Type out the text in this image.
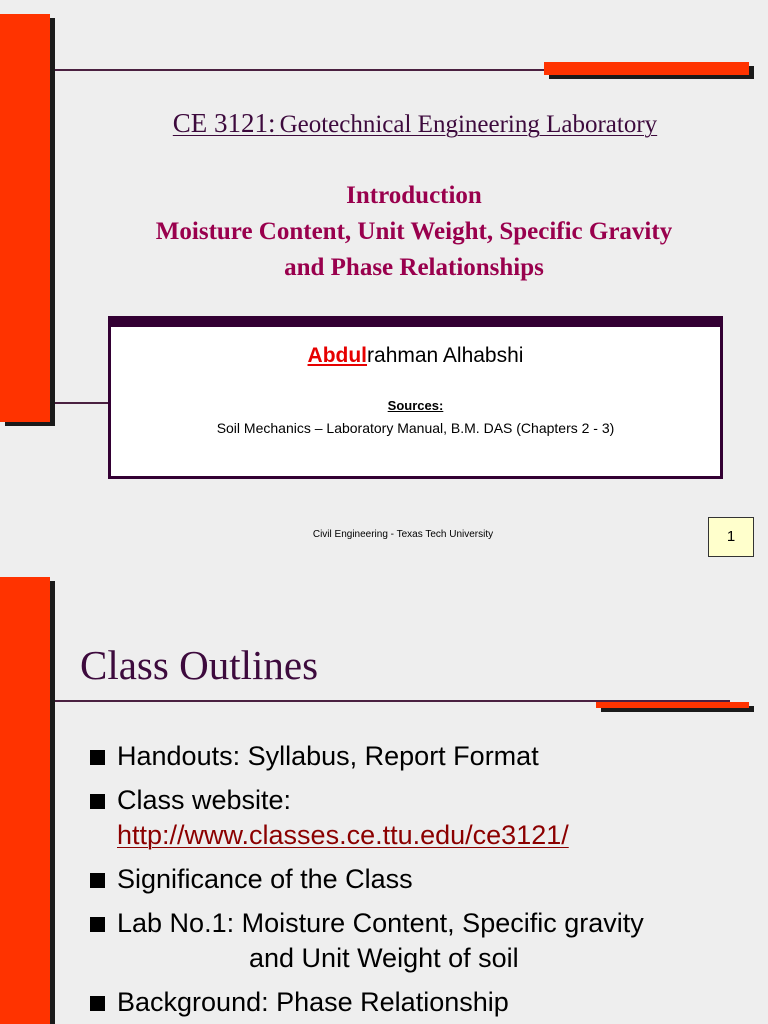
CE 3121: Geotechnical Engineering Laboratory
Introduction
Moisture Content, Unit Weight, Specific Gravity
and Phase Relationships
Abdulrahman Alhabshi
Sources:
Soil Mechanics – Laboratory Manual, B.M. DAS (Chapters 2 - 3)
Civil Engineering - Texas Tech University	1
Class Outlines
Handouts: Syllabus, Report Format
Class website:
http://www.classes.ce.ttu.edu/ce3121/
Significance of the Class
Lab No.1: Moisture Content, Specific gravity
and Unit Weight of soil
Background: Phase Relationship
